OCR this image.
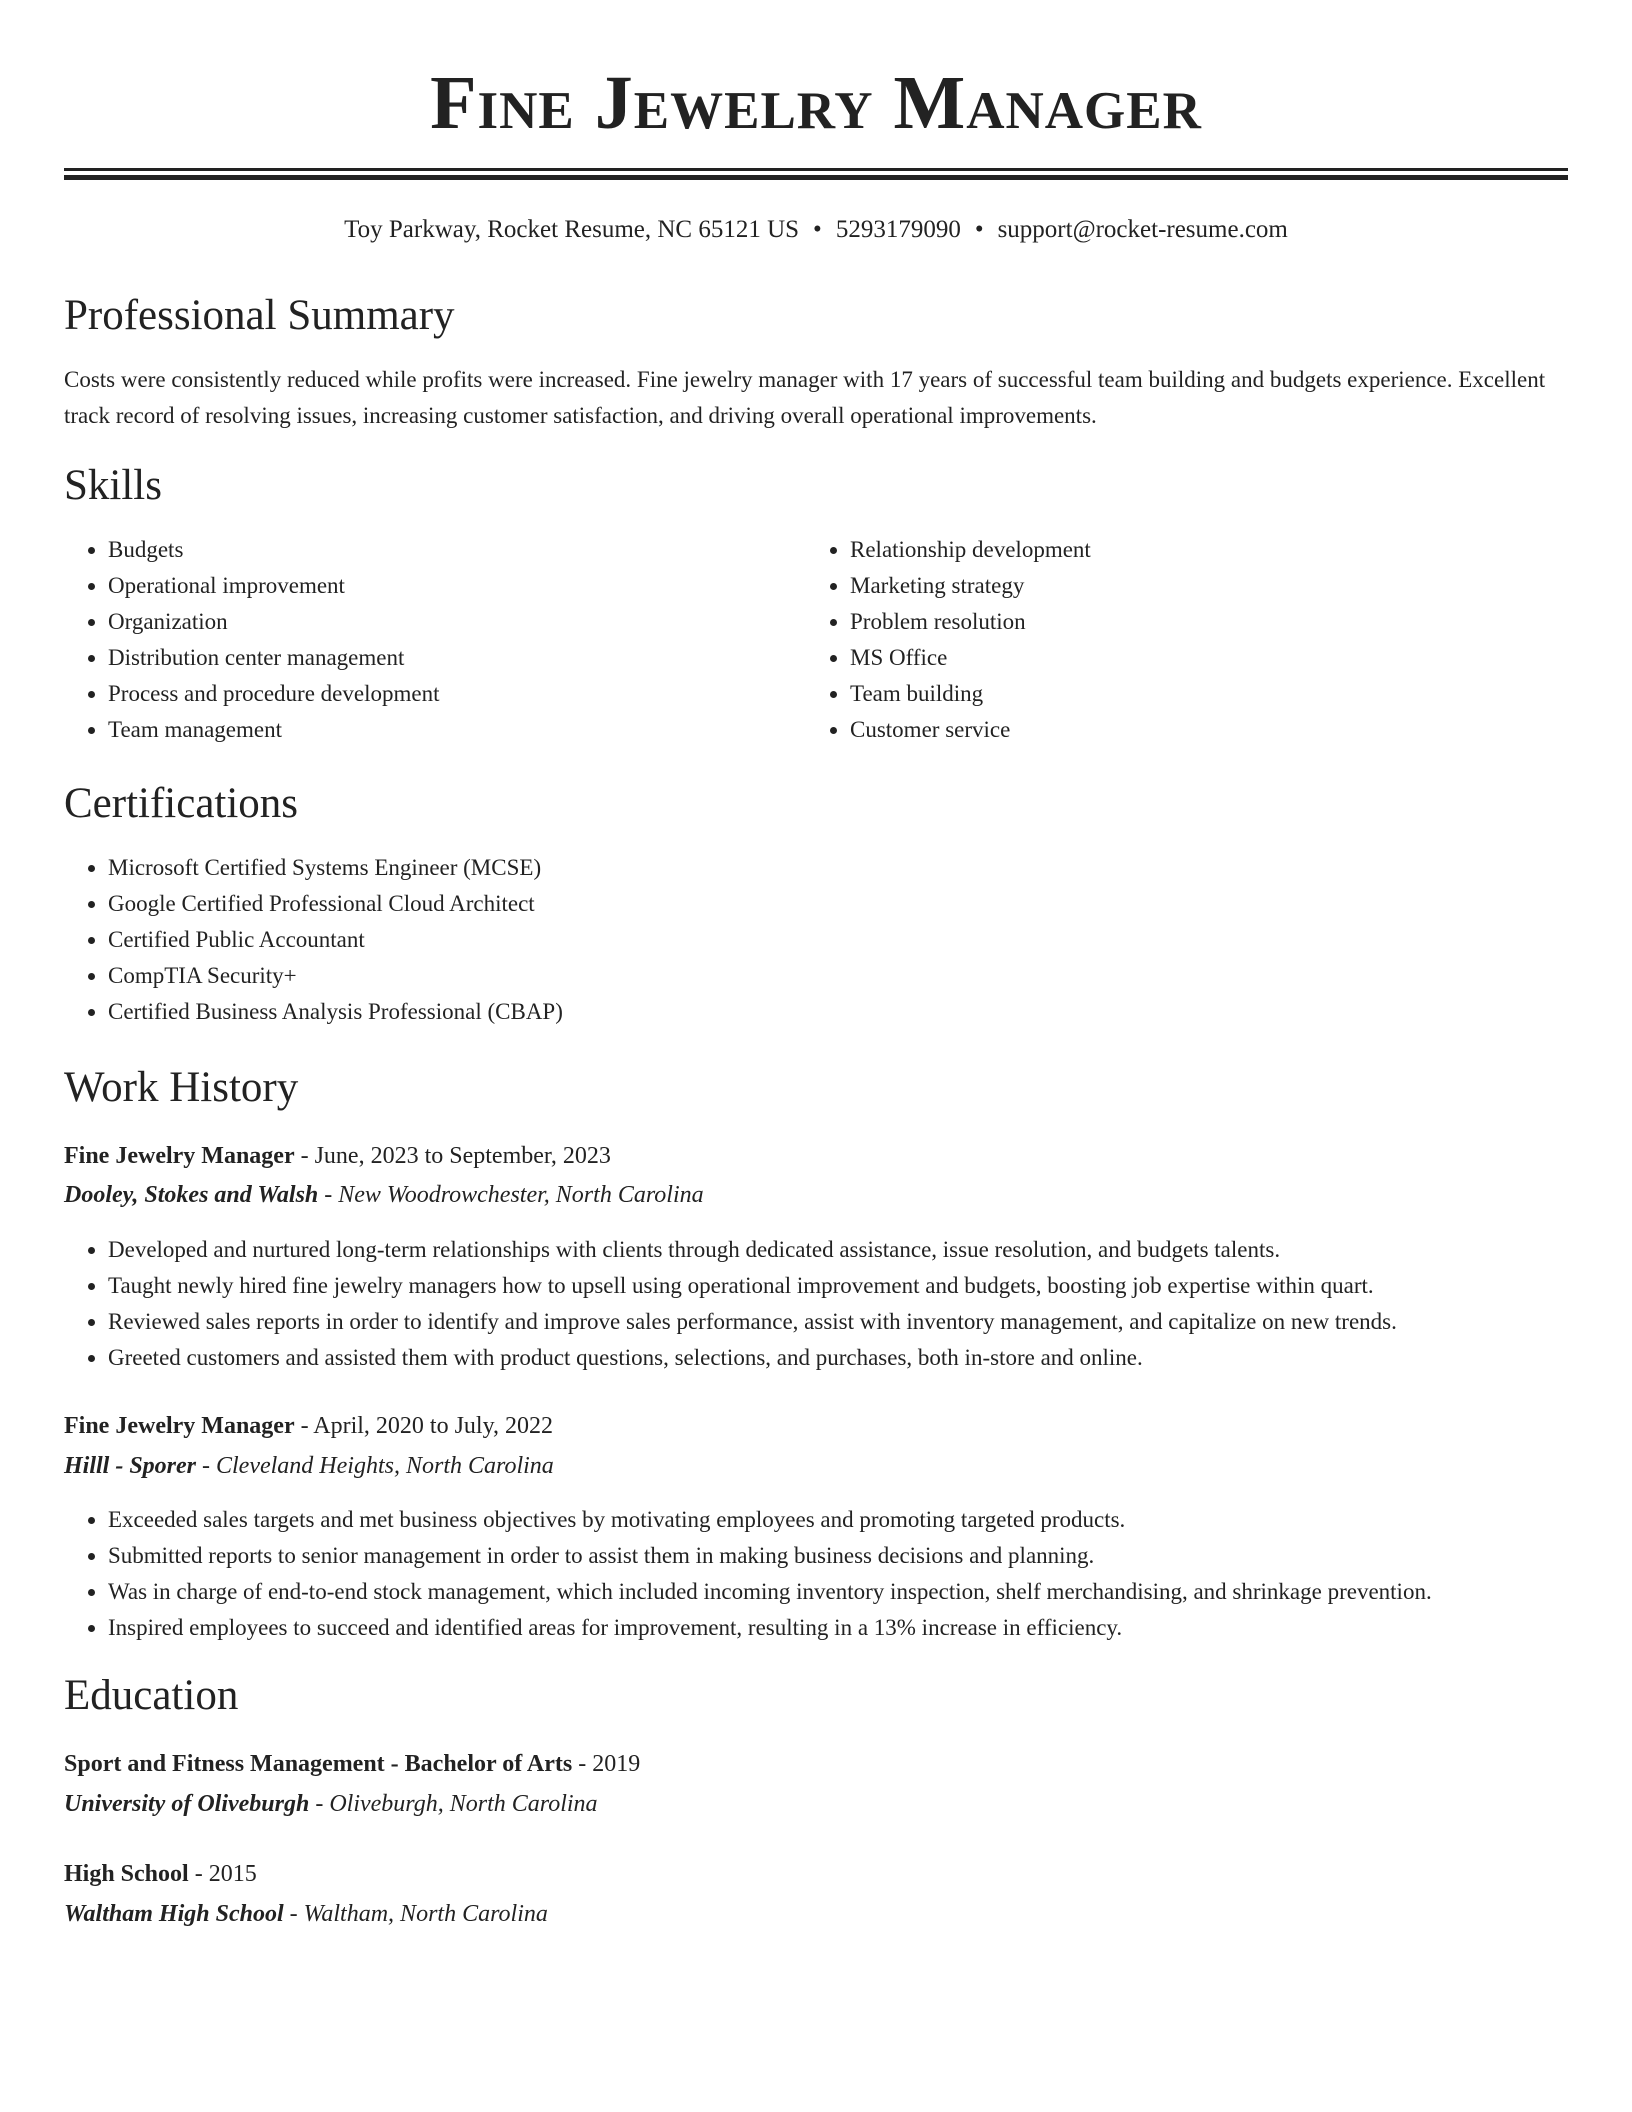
Fine Jewelry Manager
Toy Parkway, Rocket Resume, NC 65121 US • 5293179090 • support@rocket-resume.com
Professional Summary

Costs were consistently reduced while profits were increased. Fine jewelry manager with 17 years of successful team building and budgets experience. Excellent track record of resolving issues, increasing customer satisfaction, and driving overall operational improvements.

Skills
• Budgets
• Operational improvement
• Organization
• Distribution center management
• Process and procedure development
• Team management
• Relationship development
• Marketing strategy
• Problem resolution
• MS Office
• Team building
• Customer service
Certifications
• Microsoft Certified Systems Engineer (MCSE)
• Google Certified Professional Cloud Architect
• Certified Public Accountant
• CompTIA Security+
• Certified Business Analysis Professional (CBAP)
Work History

Fine Jewelry Manager - June, 2023 to September, 2023

Dooley, Stokes and Walsh - New Woodrowchester, North Carolina

• Developed and nurtured long-term relationships with clients through dedicated assistance, issue resolution, and budgets talents.
• Taught newly hired fine jewelry managers how to upsell using operational improvement and budgets, boosting job expertise within quart.
• Reviewed sales reports in order to identify and improve sales performance, assist with inventory management, and capitalize on new trends.
• Greeted customers and assisted them with product questions, selections, and purchases, both in-store and online.

Fine Jewelry Manager - April, 2020 to July, 2022

Hilll - Sporer - Cleveland Heights, North Carolina

• Exceeded sales targets and met business objectives by motivating employees and promoting targeted products.
• Submitted reports to senior management in order to assist them in making business decisions and planning.
• Was in charge of end-to-end stock management, which included incoming inventory inspection, shelf merchandising, and shrinkage prevention.
• Inspired employees to succeed and identified areas for improvement, resulting in a 13% increase in efficiency.
Education

Sport and Fitness Management - Bachelor of Arts - 2019

University of Oliveburgh - Oliveburgh, North Carolina

High School - 2015

Waltham High School - Waltham, North Carolina
